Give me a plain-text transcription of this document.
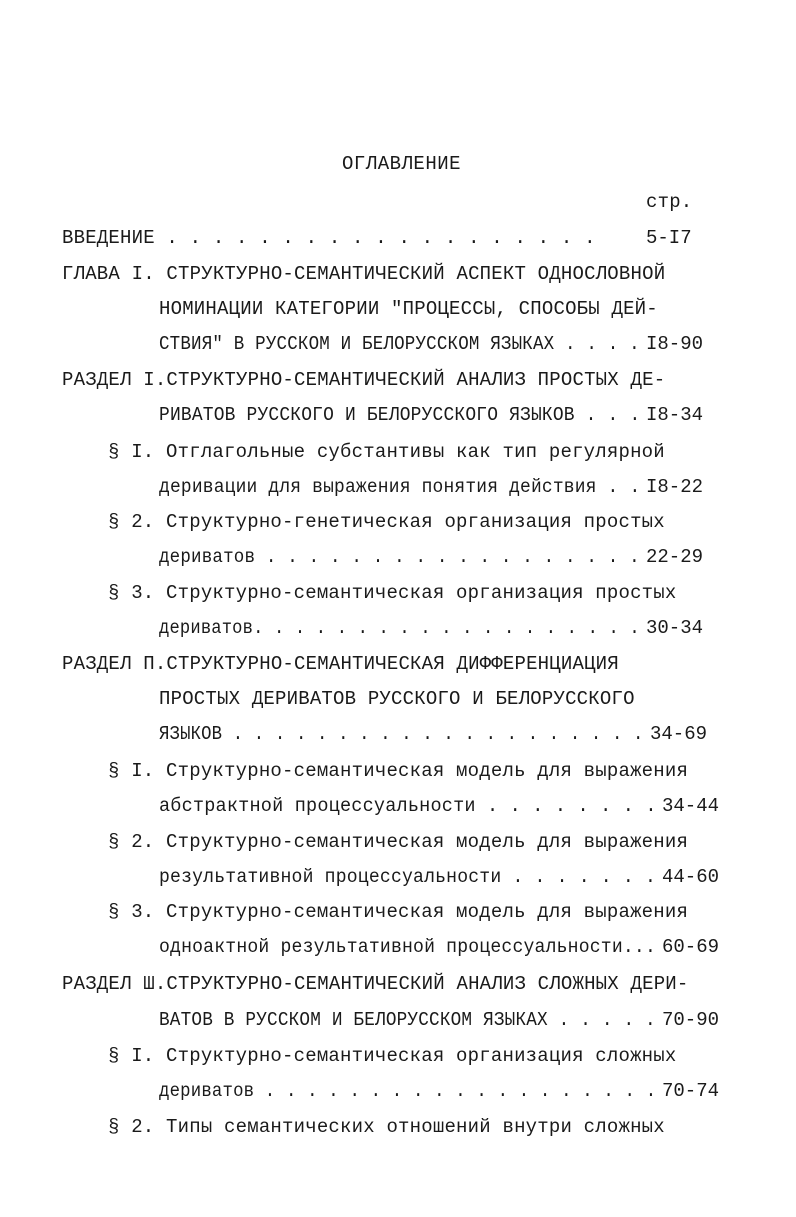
ОГЛАВЛЕНИЕ
стр.
ВВЕДЕНИЕ . . . . . . . . . . . . . . . . . . .	5-I7
ГЛАВА I. СТРУКТУРНО-СЕМАНТИЧЕСКИЙ АСПЕКТ ОДНОСЛОВНОЙ
НОМИНАЦИИ КАТЕГОРИИ "ПРОЦЕССЫ, СПОСОБЫ ДЕЙ-
СТВИЯ" В РУССКОМ И БЕЛОРУССКОМ ЯЗЫКАХ . . . . I8-90
РАЗДЕЛ I.СТРУКТУРНО-СЕМАНТИЧЕСКИЙ АНАЛИЗ ПРОСТЫХ ДЕ-
РИВАТОВ РУССКОГО И БЕЛОРУССКОГО ЯЗЫКОВ . . . I8-34
§ I. Отглагольные субстантивы как тип регулярной
деривации для выражения понятия действия . . I8-22
§ 2. Структурно-генетическая организация простых
дериватов . . . . . . . . . . . . . . . . . . 22-29
§ 3. Структурно-семантическая организация простых
дериватов. . . . . . . . . . . . . . . . . . . 30-34
РАЗДЕЛ П.СТРУКТУРНО-СЕМАНТИЧЕСКАЯ ДИФФЕРЕНЦИАЦИЯ
ПРОСТЫХ ДЕРИВАТОВ РУССКОГО И БЕЛОРУССКОГО
ЯЗЫКОВ . . . . . . . . . . . . . . . . . . . . 34-69
§ I. Структурно-семантическая модель для выражения
абстрактной процессуальности . . . . . . . . 34-44
§ 2. Структурно-семантическая модель для выражения
результативной процессуальности . . . . . . . 44-60
§ 3. Структурно-семантическая модель для выражения
одноактной результативной процессуальности... 60-69
РАЗДЕЛ Ш.СТРУКТУРНО-СЕМАНТИЧЕСКИЙ АНАЛИЗ СЛОЖНЫХ ДЕРИ-
ВАТОВ В РУССКОМ И БЕЛОРУССКОМ ЯЗЫКАХ . . . . . 70-90
§ I. Структурно-семантическая организация сложных
дериватов . . . . . . . . . . . . . . . . . . . 70-74
§ 2. Типы семантических отношений внутри сложных
